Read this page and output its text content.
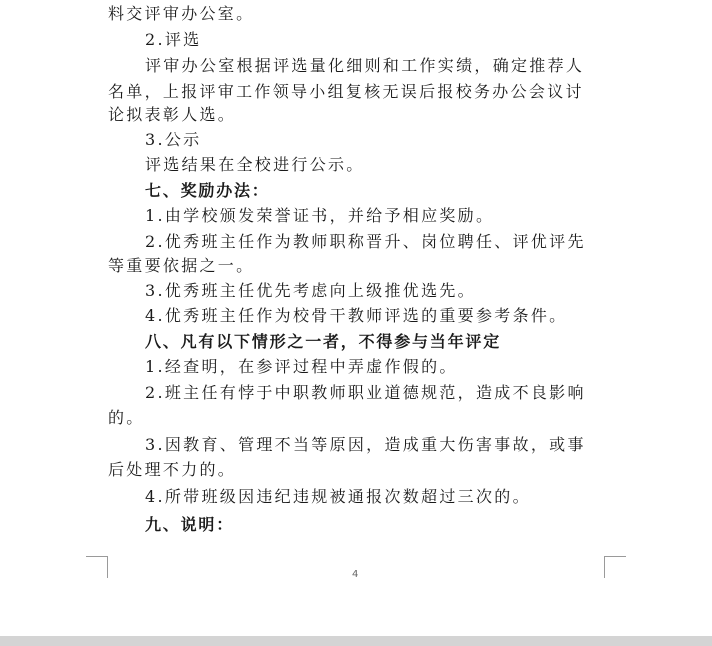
料交评审办公室。
2.评选
评审办公室根据评选量化细则和工作实绩，确定推荐人
名单，上报评审工作领导小组复核无误后报校务办公会议讨
论拟表彰人选。
3.公示
评选结果在全校进行公示。
七、奖励办法：
1.由学校颁发荣誉证书，并给予相应奖励。
2.优秀班主任作为教师职称晋升、岗位聘任、评优评先
等重要依据之一。
3.优秀班主任优先考虑向上级推优选先。
4.优秀班主任作为校骨干教师评选的重要参考条件。
八、凡有以下情形之一者，不得参与当年评定
1.经查明，在参评过程中弄虚作假的。
2.班主任有悖于中职教师职业道德规范，造成不良影响
的。
3.因教育、管理不当等原因，造成重大伤害事故，或事
后处理不力的。
4.所带班级因违纪违规被通报次数超过三次的。
九、说明：
4
